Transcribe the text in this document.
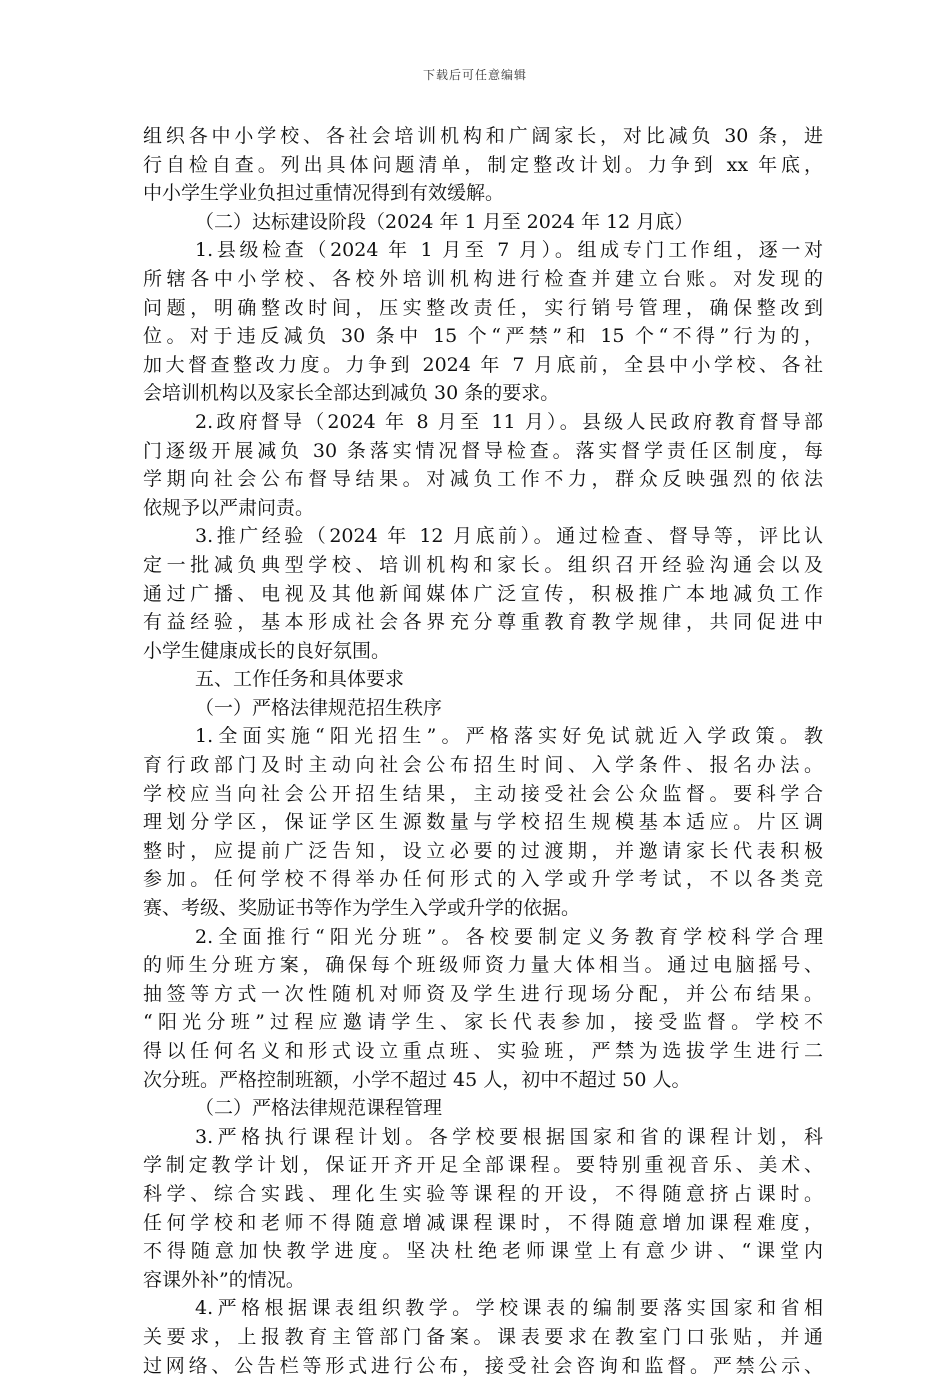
下载后可任意编辑
组织各中小学校、各社会培训机构和广阔家长，对比减负 30 条，进
行自检自查。列出具体问题清单，制定整改计划。力争到 xx 年底，
中小学生学业负担过重情况得到有效缓解。
（二）达标建设阶段（2024 年 1 月至 2024 年 12 月底）
1.县级检查（2024 年 1 月至 7 月）。组成专门工作组，逐一对
所辖各中小学校、各校外培训机构进行检查并建立台账。对发现的
问题，明确整改时间，压实整改责任，实行销号管理，确保整改到
位。对于违反减负 30 条中 15 个“严禁”和 15 个“不得”行为的，
加大督查整改力度。力争到 2024 年 7 月底前，全县中小学校、各社
会培训机构以及家长全部达到减负 30 条的要求。
2.政府督导（2024 年 8 月至 11 月）。县级人民政府教育督导部
门逐级开展减负 30 条落实情况督导检查。落实督学责任区制度，每
学期向社会公布督导结果。对减负工作不力，群众反映强烈的依法
依规予以严肃问责。
3.推广经验（2024 年 12 月底前）。通过检查、督导等，评比认
定一批减负典型学校、培训机构和家长。组织召开经验沟通会以及
通过广播、电视及其他新闻媒体广泛宣传，积极推广本地减负工作
有益经验，基本形成社会各界充分尊重教育教学规律，共同促进中
小学生健康成长的良好氛围。
五、工作任务和具体要求
（一）严格法律规范招生秩序
1.全面实施“阳光招生”。严格落实好免试就近入学政策。教
育行政部门及时主动向社会公布招生时间、入学条件、报名办法。
学校应当向社会公开招生结果，主动接受社会公众监督。要科学合
理划分学区，保证学区生源数量与学校招生规模基本适应。片区调
整时，应提前广泛告知，设立必要的过渡期，并邀请家长代表积极
参加。任何学校不得举办任何形式的入学或升学考试，不以各类竞
赛、考级、奖励证书等作为学生入学或升学的依据。
2.全面推行“阳光分班”。各校要制定义务教育学校科学合理
的师生分班方案，确保每个班级师资力量大体相当。通过电脑摇号、
抽签等方式一次性随机对师资及学生进行现场分配，并公布结果。
“阳光分班”过程应邀请学生、家长代表参加，接受监督。学校不
得以任何名义和形式设立重点班、实验班，严禁为选拔学生进行二
次分班。严格控制班额，小学不超过 45 人，初中不超过 50 人。
（二）严格法律规范课程管理
3.严格执行课程计划。各学校要根据国家和省的课程计划，科
学制定教学计划，保证开齐开足全部课程。要特别重视音乐、美术、
科学、综合实践、理化生实验等课程的开设，不得随意挤占课时。
任何学校和老师不得随意增减课程课时，不得随意增加课程难度，
不得随意加快教学进度。坚决杜绝老师课堂上有意少讲、“课堂内
容课外补”的情况。
4.严格根据课表组织教学。学校课表的编制要落实国家和省相
关要求，上报教育主管部门备案。课表要求在教室门口张贴，并通
过网络、公告栏等形式进行公布，接受社会咨询和监督。严禁公示、
